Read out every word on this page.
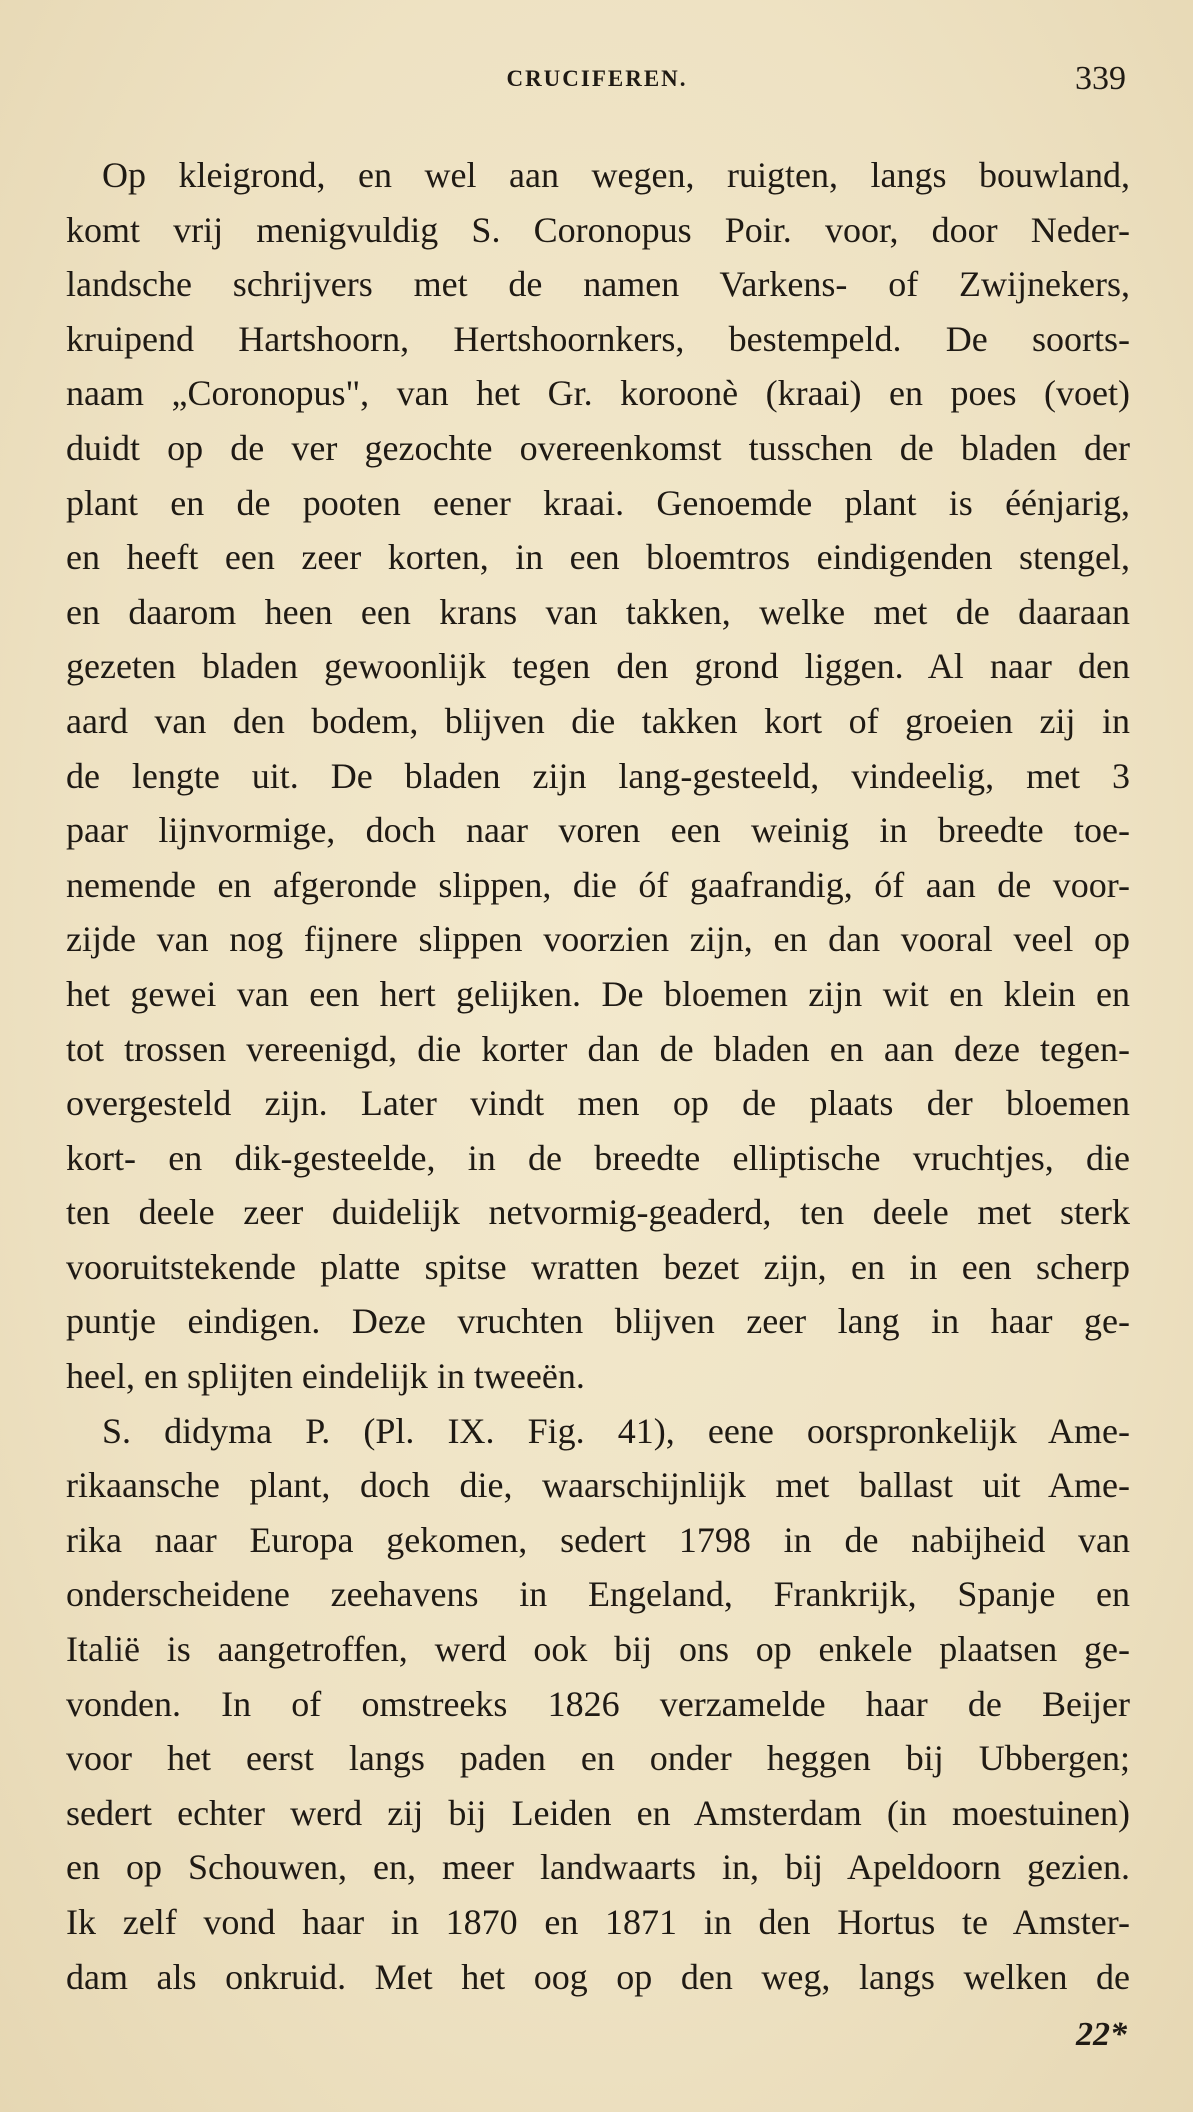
CRUCIFEREN.	339
Op kleigrond, en wel aan wegen, ruigten, langs bouwland,
komt vrij menigvuldig S. Coronopus Poir. voor, door Neder-
landsche schrijvers met de namen Varkens- of Zwijnekers,
kruipend Hartshoorn, Hertshoornkers, bestempeld. De soorts-
naam „Coronopus", van het Gr. koroonè (kraai) en poes (voet)
duidt op de ver gezochte overeenkomst tusschen de bladen der
plant en de pooten eener kraai. Genoemde plant is éénjarig,
en heeft een zeer korten, in een bloemtros eindigenden stengel,
en daarom heen een krans van takken, welke met de daaraan
gezeten bladen gewoonlijk tegen den grond liggen. Al naar den
aard van den bodem, blijven die takken kort of groeien zij in
de lengte uit. De bladen zijn lang-gesteeld, vindeelig, met 3
paar lijnvormige, doch naar voren een weinig in breedte toe-
nemende en afgeronde slippen, die óf gaafrandig, óf aan de voor-
zijde van nog fijnere slippen voorzien zijn, en dan vooral veel op
het gewei van een hert gelijken. De bloemen zijn wit en klein en
tot trossen vereenigd, die korter dan de bladen en aan deze tegen-
overgesteld zijn. Later vindt men op de plaats der bloemen
kort- en dik-gesteelde, in de breedte elliptische vruchtjes, die
ten deele zeer duidelijk netvormig-geaderd, ten deele met sterk
vooruitstekende platte spitse wratten bezet zijn, en in een scherp
puntje eindigen. Deze vruchten blijven zeer lang in haar ge-
heel, en splijten eindelijk in tweeën.
S. didyma P. (Pl. IX. Fig. 41), eene oorspronkelijk Ame-
rikaansche plant, doch die, waarschijnlijk met ballast uit Ame-
rika naar Europa gekomen, sedert 1798 in de nabijheid van
onderscheidene zeehavens in Engeland, Frankrijk, Spanje en
Italië is aangetroffen, werd ook bij ons op enkele plaatsen ge-
vonden. In of omstreeks 1826 verzamelde haar de Beijer
voor het eerst langs paden en onder heggen bij Ubbergen;
sedert echter werd zij bij Leiden en Amsterdam (in moestuinen)
en op Schouwen, en, meer landwaarts in, bij Apeldoorn gezien.
Ik zelf vond haar in 1870 en 1871 in den Hortus te Amster-
dam als onkruid. Met het oog op den weg, langs welken de
22*
